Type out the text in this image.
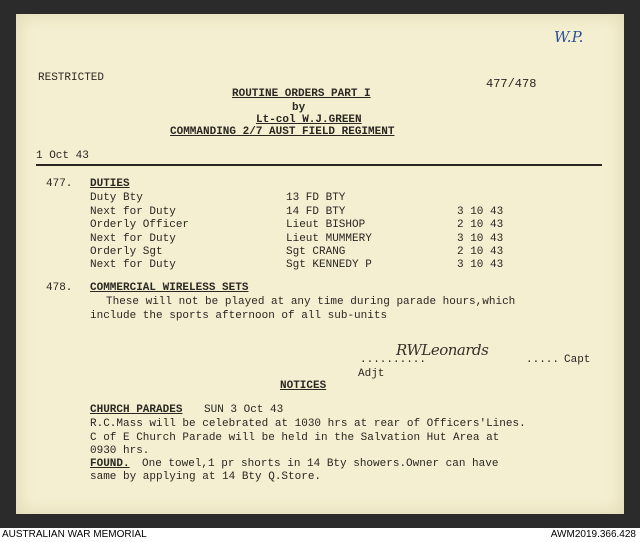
W.P.
RESTRICTED	477/478
ROUTINE ORDERS PART I
by
Lt-col W.J.GREEN
COMMANDING 2/7 AUST FIELD REGIMENT
1 Oct 43
477. DUTIES
Duty Bty	13 FD BTY
Next for Duty	14 FD BTY	3 10 43
Orderly Officer	Lieut BISHOP	2 10 43
Next for Duty	Lieut MUMMERY	3 10 43
Orderly Sgt	Sgt CRANG	2 10 43
Next for Duty	Sgt KENNEDY P	3 10 43
478. COMMERCIAL WIRELESS SETS
These will not be played at any time during parade hours,which
include the sports afternoon of all sub-units
..........
RWLeonards
..... Capt
Adjt
NOTICES
CHURCH PARADES SUN 3 Oct 43
R.C.Mass will be celebrated at 1030 hrs at rear of Officers'Lines.
C of E Church Parade will be held in the Salvation Hut Area at
0930 hrs.
FOUND. One towel,1 pr shorts in 14 Bty showers.Owner can have
same by applying at 14 Bty Q.Store.
AUSTRALIAN WAR MEMORIAL	AWM2019.366.428
